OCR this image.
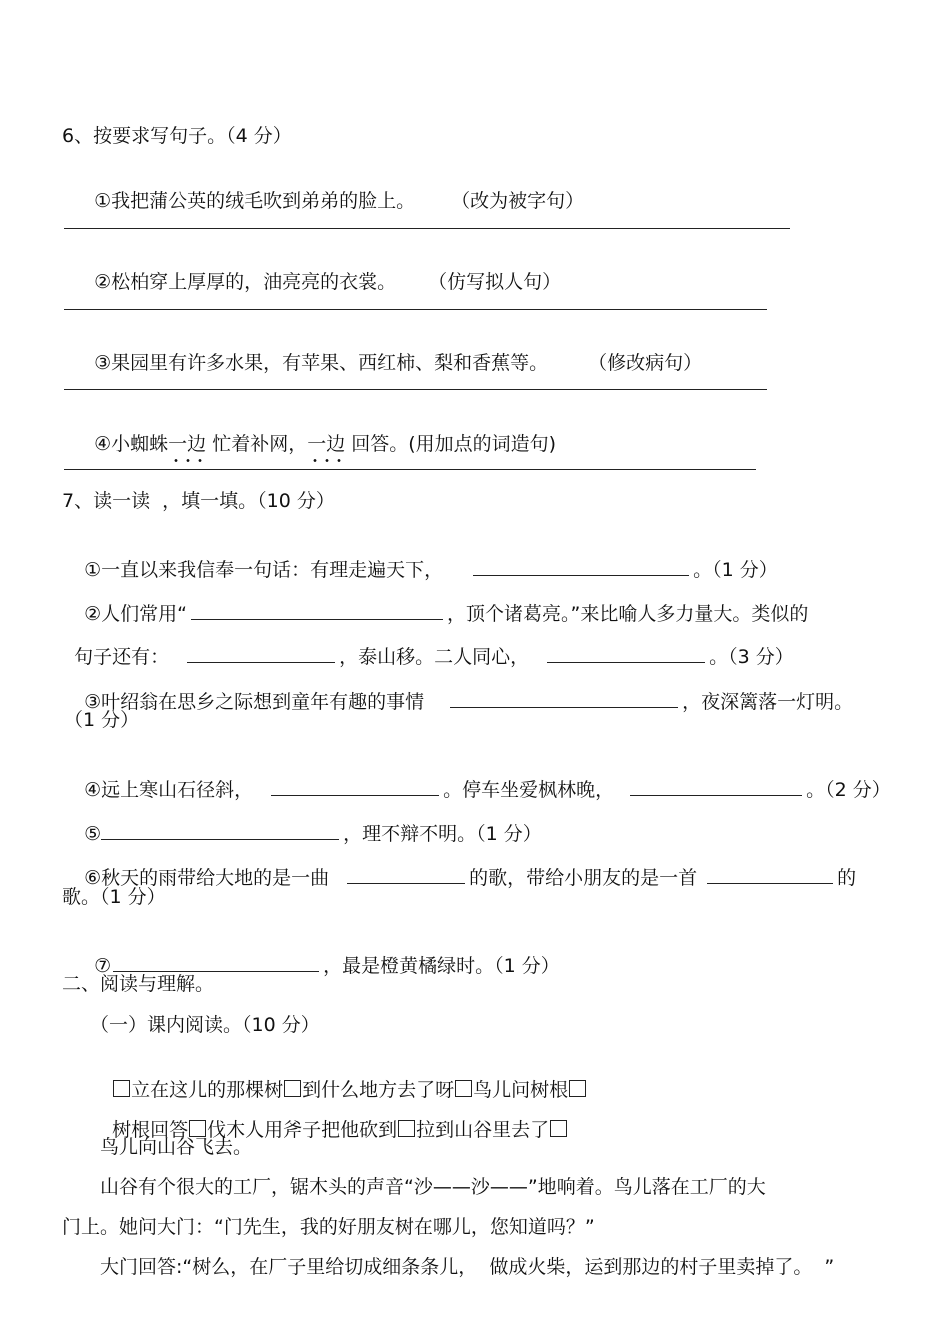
6、按要求写句子。（4 分）

①我把蒲公英的绒毛吹到弟弟的脸上。 （改为被字句）

②松柏穿上厚厚的，油亮亮的衣裳。 （仿写拟人句）

③果园里有许多水果，有苹果、西红柿、梨和香蕉等。 （修改病句）

④小蜘蛛一边 忙着补网，一边 回答。(用加点的词造句)

7、读一读  ，填一填。（10 分）

①一直以来我信奉一句话：有理走遍天下，	。（1 分）

②人们常用“	，顶个诸葛亮。”来比喻人多力量大。类似的

句子还有：	，泰山移。二人同心，	。（3 分）

③叶绍翁在思乡之际想到童年有趣的事情	，夜深篱落一灯明。

（1 分）

④远上寒山石径斜，	。停车坐爱枫林晚，	。（2 分）

⑤	，理不辩不明。（1 分）

⑥秋天的雨带给大地的是一曲	的歌，带给小朋友的是一首	的

歌。（1 分）

⑦	，最是橙黄橘绿时。（1 分）

二、阅读与理解。
（一）课内阅读。（10 分）

立在这儿的那棵树 到什么地方去了呀 鸟儿问树根

树根回答 伐木人用斧子把他砍到 拉到山谷里去了

鸟儿向山谷飞去。
山谷有个很大的工厂，锯木头的声音“沙——沙——”地响着。鸟儿落在工厂的大
门上。她问大门：“门先生，我的好朋友树在哪儿，您知道吗？”
大门回答:“树么，在厂子里给切成细条条儿，  做成火柴，运到那边的村子里卖掉了。  ”
